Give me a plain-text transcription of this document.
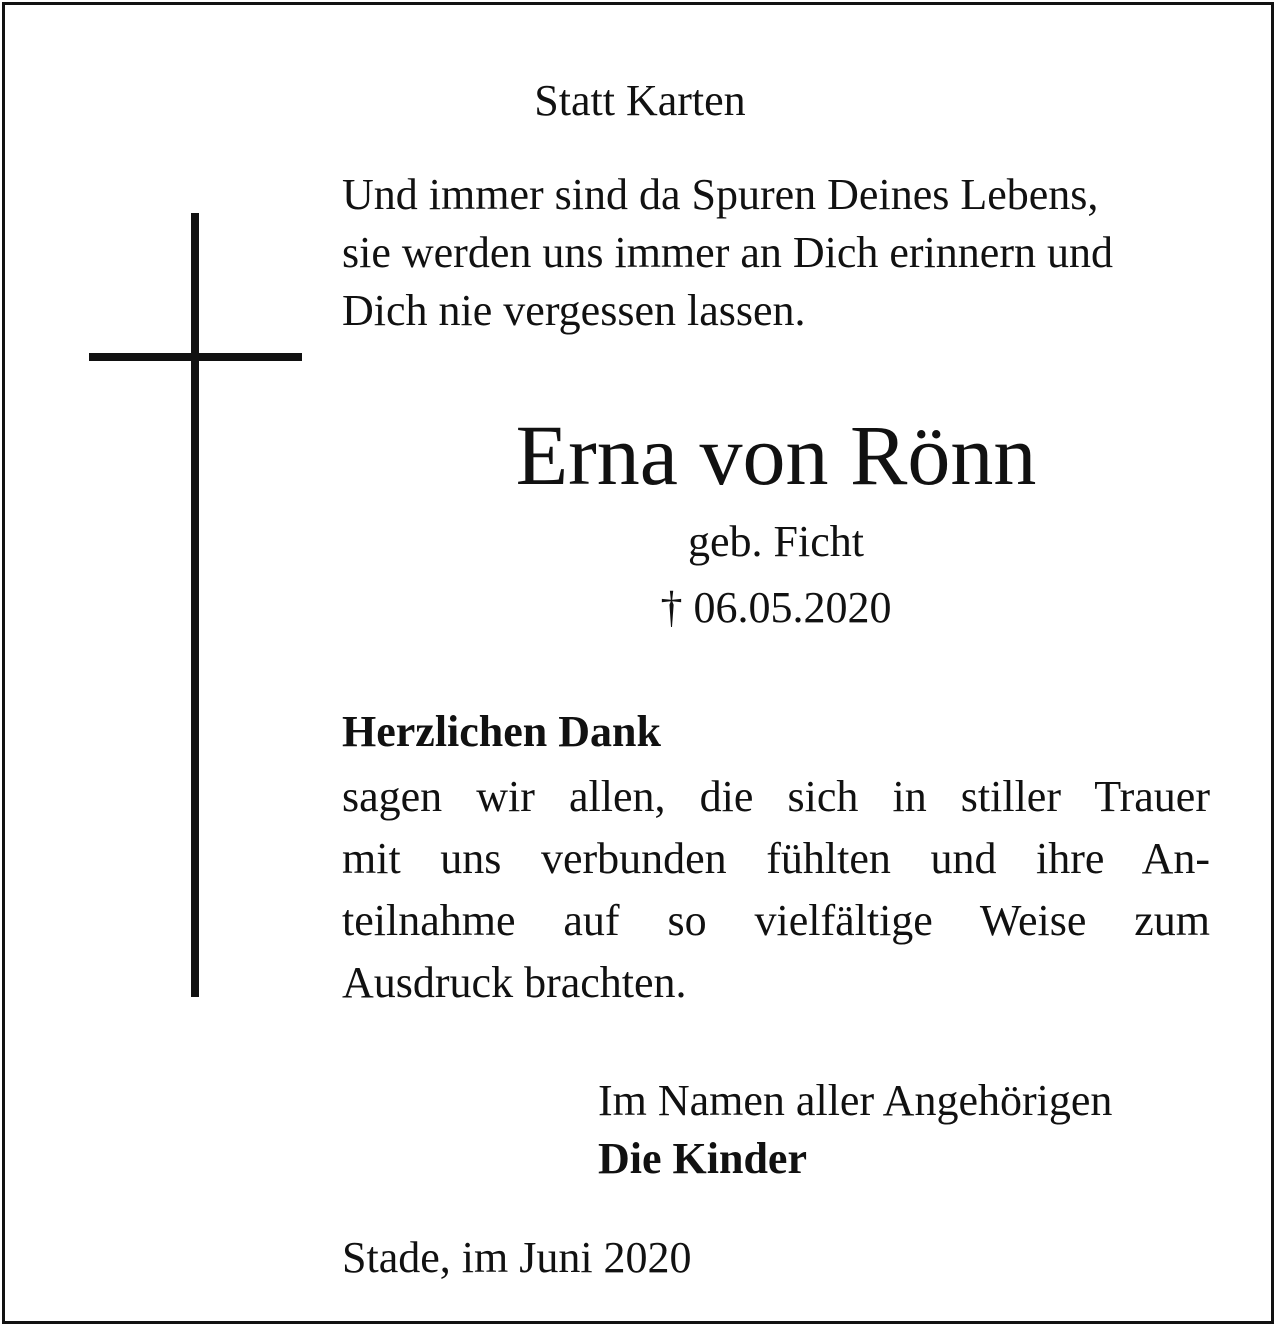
Statt Karten
Und immer sind da Spuren Deines Lebens,
sie werden uns immer an Dich erinnern und
Dich nie vergessen lassen.
Erna von Rönn
geb. Ficht
† 06.05.2020
Herzlichen Dank
sagen wir allen, die sich in stiller Trauer
mit uns verbunden fühlten und ihre An-
teilnahme auf so vielfältige Weise zum
Ausdruck brachten.
Im Namen aller Angehörigen
Die Kinder
Stade, im Juni 2020
